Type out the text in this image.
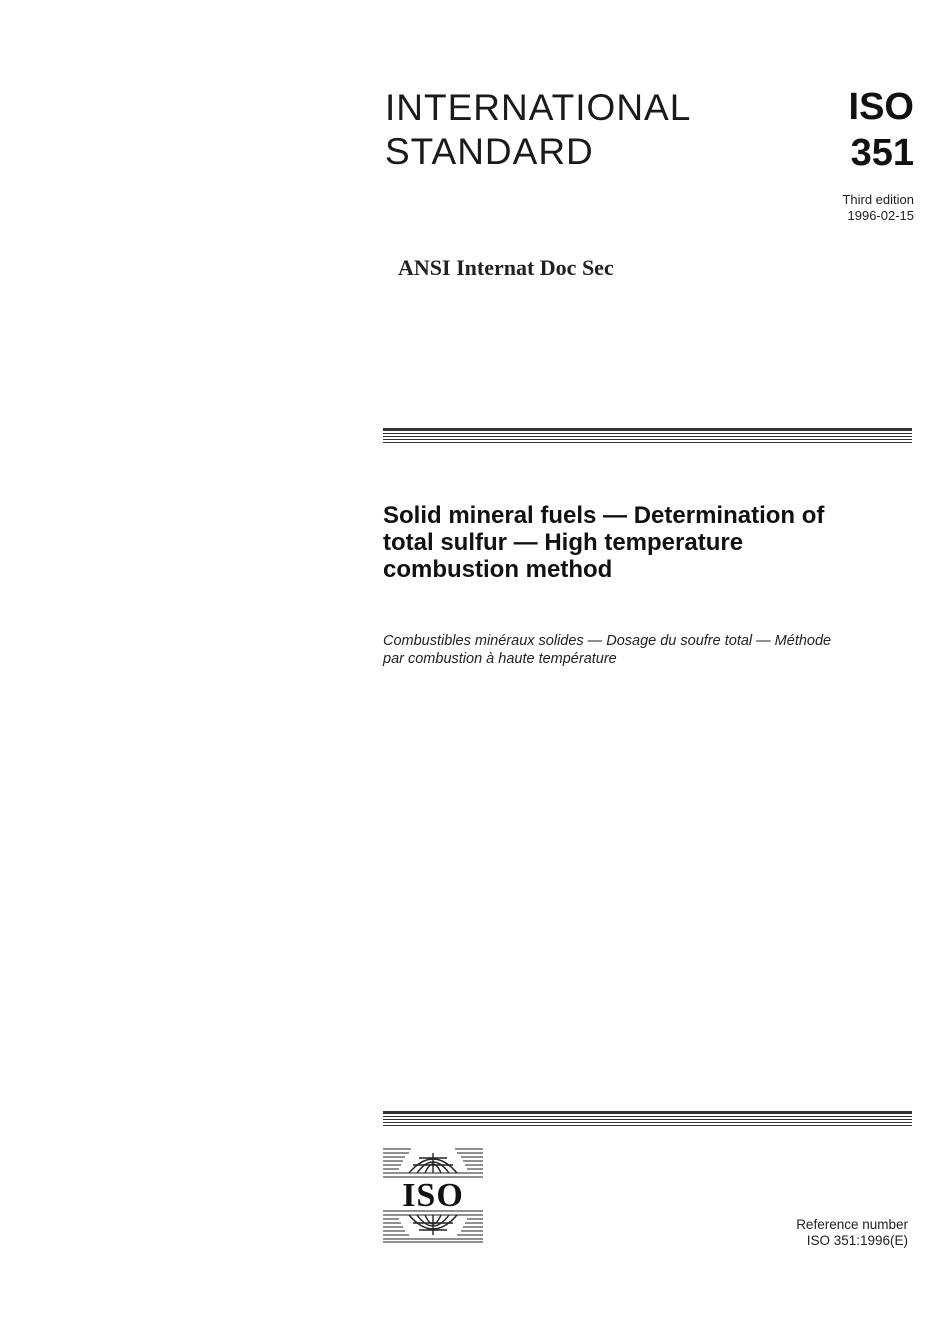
INTERNATIONAL
STANDARD
ISO
351
Third edition
1996-02-15
ANSI Internat Doc Sec
Solid mineral fuels — Determination of
total sulfur — High temperature
combustion method
Combustibles minéraux solides — Dosage du soufre total — Méthode
par combustion à haute température
ISO
Reference number
ISO 351:1996(E)
